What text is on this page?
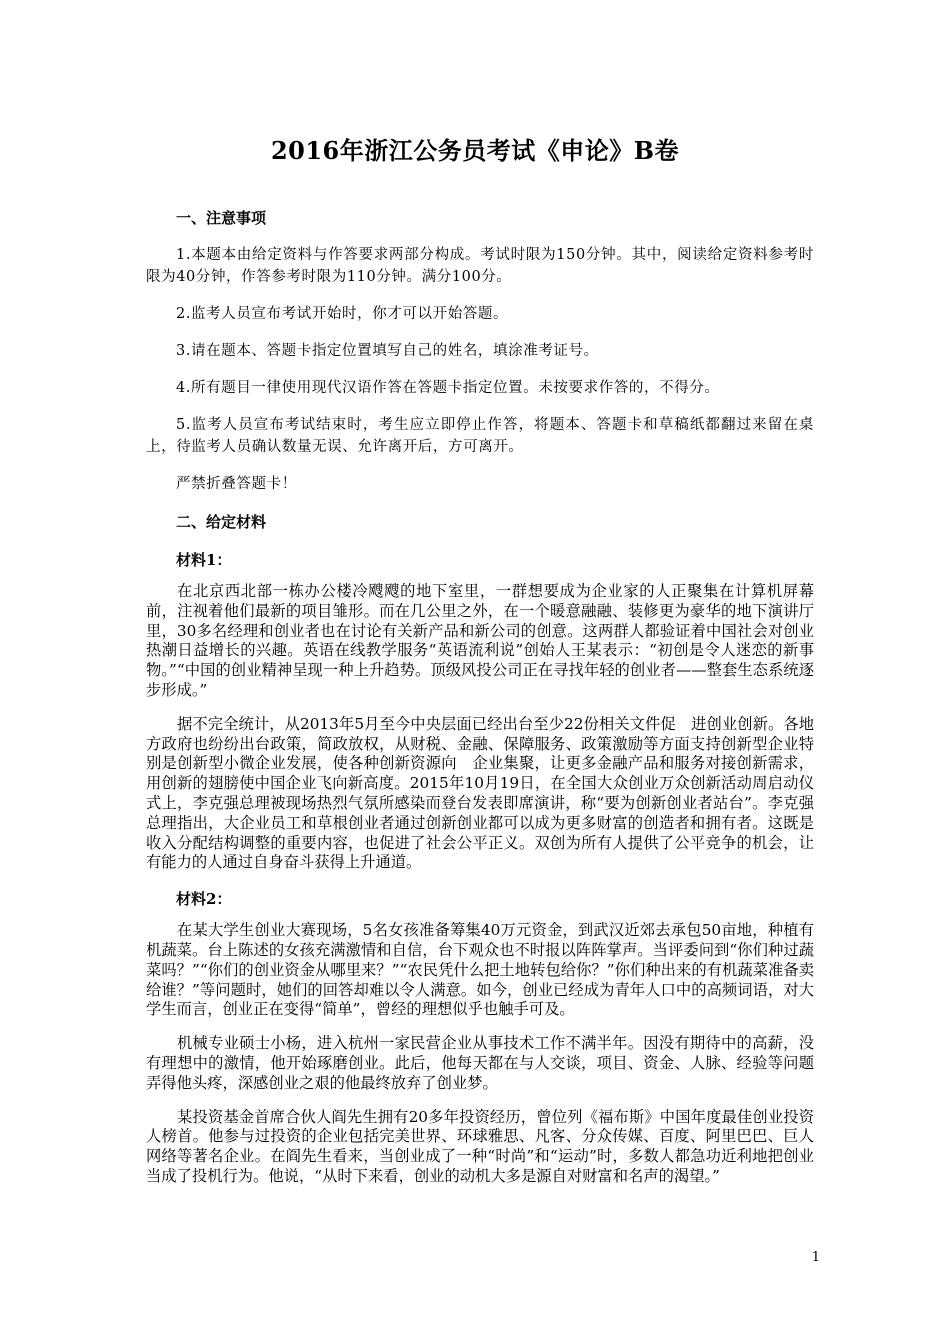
2016年浙江公务员考试《申论》B卷
一、注意事项

1.本题本由给定资料与作答要求两部分构成。考试时限为150分钟。其中，阅读给定资料参考时限为40分钟，作答参考时限为110分钟。满分100分。

2.监考人员宣布考试开始时，你才可以开始答题。

3.请在题本、答题卡指定位置填写自己的姓名，填涂准考证号。

4.所有题目一律使用现代汉语作答在答题卡指定位置。未按要求作答的，不得分。

5.监考人员宣布考试结束时，考生应立即停止作答，将题本、答题卡和草稿纸都翻过来留在桌上，待监考人员确认数量无误、允许离开后，方可离开。

严禁折叠答题卡！

二、给定材料
材料1：

在北京西北部一栋办公楼冷飕飕的地下室里，一群想要成为企业家的人正聚集在计算机屏幕前，注视着他们最新的项目雏形。而在几公里之外，在一个暖意融融、装修更为豪华的地下演讲厅里，30多名经理和创业者也在讨论有关新产品和新公司的创意。这两群人都验证着中国社会对创业热潮日益增长的兴趣。英语在线教学服务“英语流利说”创始人王某表示：“初创是令人迷恋的新事物。”“中国的创业精神呈现一种上升趋势。顶级风投公司正在寻找年轻的创业者——整套生态系统逐步形成。”

据不完全统计，从2013年5月至今中央层面已经出台至少22份相关文件促　进创业创新。各地方政府也纷纷出台政策，简政放权，从财税、金融、保障服务、政策激励等方面支持创新型企业特别是创新型小微企业发展，使各种创新资源向　企业集聚，让更多金融产品和服务对接创新需求，用创新的翅膀使中国企业飞向新高度。2015年10月19日，在全国大众创业万众创新活动周启动仪式上，李克强总理被现场热烈气氛所感染而登台发表即席演讲，称“要为创新创业者站台”。李克强总理指出，大企业员工和草根创业者通过创新创业都可以成为更多财富的创造者和拥有者。这既是收入分配结构调整的重要内容，也促进了社会公平正义。双创为所有人提供了公平竞争的机会，让有能力的人通过自身奋斗获得上升通道。

材料2：

在某大学生创业大赛现场，5名女孩准备筹集40万元资金，到武汉近郊去承包50亩地，种植有机蔬菜。台上陈述的女孩充满激情和自信，台下观众也不时报以阵阵掌声。当评委问到“你们种过蔬菜吗？”“你们的创业资金从哪里来？”“农民凭什么把土地转包给你？”你们种出来的有机蔬菜准备卖给谁？”等问题时，她们的回答却难以令人满意。如今，创业已经成为青年人口中的高频词语，对大学生而言，创业正在变得“简单”，曾经的理想似乎也触手可及。

机械专业硕士小杨，进入杭州一家民营企业从事技术工作不满半年。因没有期待中的高薪，没有理想中的激情，他开始琢磨创业。此后，他每天都在与人交谈，项目、资金、人脉、经验等问题弄得他头疼，深感创业之艰的他最终放弃了创业梦。

某投资基金首席合伙人阎先生拥有20多年投资经历，曾位列《福布斯》中国年度最佳创业投资人榜首。他参与过投资的企业包括完美世界、环球雅思、凡客、分众传媒、百度、阿里巴巴、巨人网络等著名企业。在阎先生看来，当创业成了一种“时尚”和“运动”时，多数人都急功近利地把创业当成了投机行为。他说，“从时下来看，创业的动机大多是源自对财富和名声的渴望。”

1
